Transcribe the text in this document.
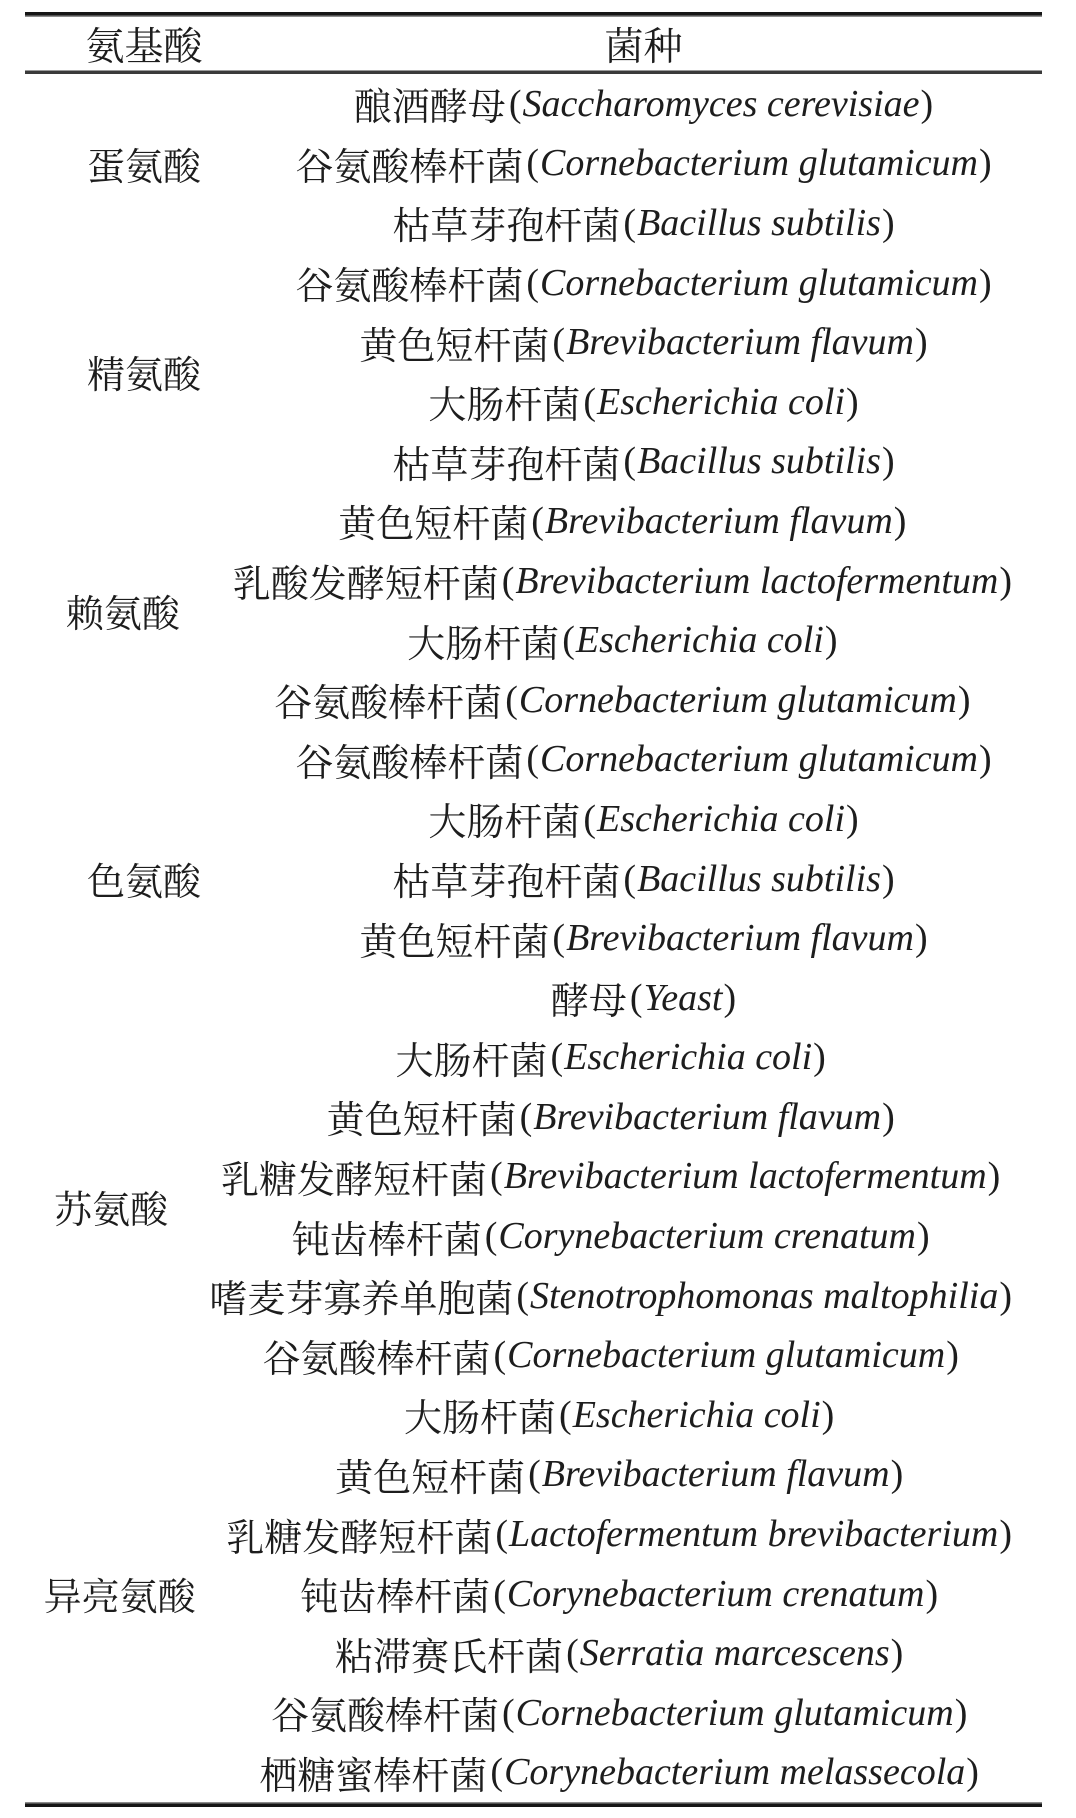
氨基酸	菌种
蛋氨酸
酿酒酵母 ( Saccharomyces cerevisiae )
谷氨酸棒杆菌 ( Cornebacterium glutamicum )
枯草芽孢杆菌 ( Bacillus subtilis )
精氨酸
谷氨酸棒杆菌 ( Cornebacterium glutamicum )
黄色短杆菌 ( Brevibacterium flavum )
大肠杆菌 ( Escherichia coli )
枯草芽孢杆菌 ( Bacillus subtilis )
赖氨酸
黄色短杆菌 ( Brevibacterium flavum )
乳酸发酵短杆菌 ( Brevibacterium lactofermentum )
大肠杆菌 ( Escherichia coli )
谷氨酸棒杆菌 ( Cornebacterium glutamicum )
色氨酸
谷氨酸棒杆菌 ( Cornebacterium glutamicum )
大肠杆菌 ( Escherichia coli )
枯草芽孢杆菌 ( Bacillus subtilis )
黄色短杆菌 ( Brevibacterium flavum )
酵母 ( Yeast )
苏氨酸
大肠杆菌 ( Escherichia coli )
黄色短杆菌 ( Brevibacterium flavum )
乳糖发酵短杆菌 ( Brevibacterium lactofermentum )
钝齿棒杆菌 ( Corynebacterium crenatum )
嗜麦芽寡养单胞菌 ( Stenotrophomonas maltophilia )
谷氨酸棒杆菌 ( Cornebacterium glutamicum )
异亮氨酸
大肠杆菌 ( Escherichia coli )
黄色短杆菌 ( Brevibacterium flavum )
乳糖发酵短杆菌 ( Lactofermentum brevibacterium )
钝齿棒杆菌 ( Corynebacterium crenatum )
粘滞赛氏杆菌 ( Serratia marcescens )
谷氨酸棒杆菌 ( Cornebacterium glutamicum )
栖糖蜜棒杆菌 ( Corynebacterium melassecola )
